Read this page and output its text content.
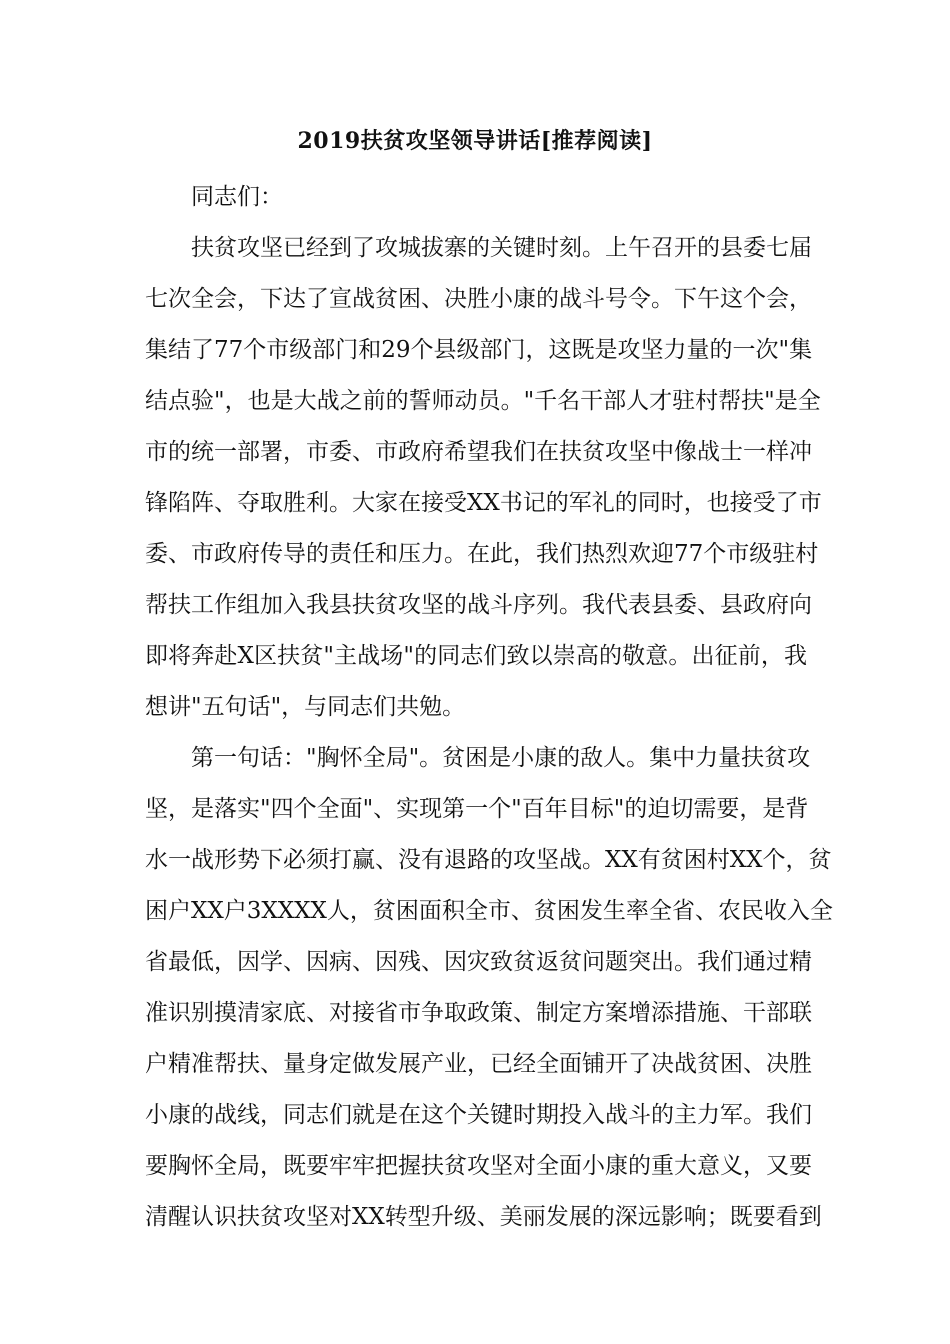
2019扶贫攻坚领导讲话[推荐阅读]
同志们：
扶贫攻坚已经到了攻城拔寨的关键时刻。上午召开的县委七届
七次全会，下达了宣战贫困、决胜小康的战斗号令。下午这个会，
集结了77个市级部门和29个县级部门，这既是攻坚力量的一次"集
结点验"，也是大战之前的誓师动员。"千名干部人才驻村帮扶"是全
市的统一部署，市委、市政府希望我们在扶贫攻坚中像战士一样冲
锋陷阵、夺取胜利。大家在接受XX书记的军礼的同时，也接受了市
委、市政府传导的责任和压力。在此，我们热烈欢迎77个市级驻村
帮扶工作组加入我县扶贫攻坚的战斗序列。我代表县委、县政府向
即将奔赴X区扶贫"主战场"的同志们致以崇高的敬意。出征前，我
想讲"五句话"，与同志们共勉。
第一句话："胸怀全局"。贫困是小康的敌人。集中力量扶贫攻
坚，是落实"四个全面"、实现第一个"百年目标"的迫切需要，是背
水一战形势下必须打赢、没有退路的攻坚战。XX有贫困村XX个，贫
困户XX户3XXXX人，贫困面积全市、贫困发生率全省、农民收入全
省最低，因学、因病、因残、因灾致贫返贫问题突出。我们通过精
准识别摸清家底、对接省市争取政策、制定方案增添措施、干部联
户精准帮扶、量身定做发展产业，已经全面铺开了决战贫困、决胜
小康的战线，同志们就是在这个关键时期投入战斗的主力军。我们
要胸怀全局，既要牢牢把握扶贫攻坚对全面小康的重大意义，又要
清醒认识扶贫攻坚对XX转型升级、美丽发展的深远影响；既要看到
